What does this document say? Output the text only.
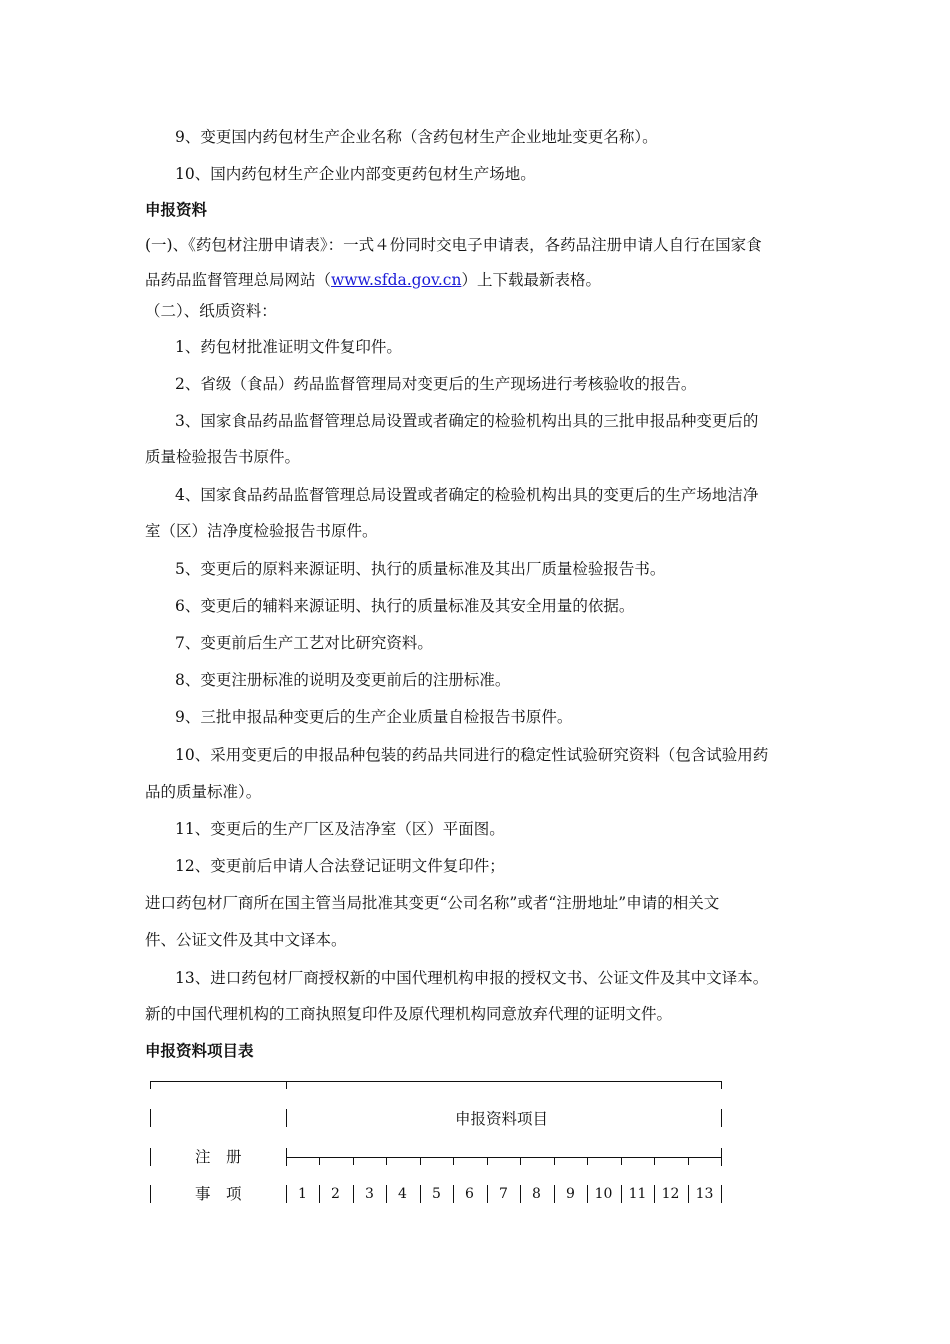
9、变更国内药包材生产企业名称（含药包材生产企业地址变更名称）。
10、国内药包材生产企业内部变更药包材生产场地。
申报资料
(一)、《药包材注册申请表》：一式４份同时交电子申请表，各药品注册申请人自行在国家食
品药品监督管理总局网站（www.sfda.gov.cn）上下载最新表格。
（二）、纸质资料：
1、药包材批准证明文件复印件。
2、省级（食品）药品监督管理局对变更后的生产现场进行考核验收的报告。
3、国家食品药品监督管理总局设置或者确定的检验机构出具的三批申报品种变更后的
质量检验报告书原件。
4、国家食品药品监督管理总局设置或者确定的检验机构出具的变更后的生产场地洁净
室（区）洁净度检验报告书原件。
5、变更后的原料来源证明、执行的质量标准及其出厂质量检验报告书。
6、变更后的辅料来源证明、执行的质量标准及其安全用量的依据。
7、变更前后生产工艺对比研究资料。
8、变更注册标准的说明及变更前后的注册标准。
9、三批申报品种变更后的生产企业质量自检报告书原件。
10、采用变更后的申报品种包装的药品共同进行的稳定性试验研究资料（包含试验用药
品的质量标准）。
11、变更后的生产厂区及洁净室（区）平面图。
12、变更前后申请人合法登记证明文件复印件；
进口药包材厂商所在国主管当局批准其变更“公司名称”或者“注册地址”申请的相关文
件、公证文件及其中文译本。
13、进口药包材厂商授权新的中国代理机构申报的授权文书、公证文件及其中文译本。
新的中国代理机构的工商执照复印件及原代理机构同意放弃代理的证明文件。
申报资料项目表
申报资料项目
注　册
事　项	1	2	3	4	5	6	7	8	9	10	11	12	13
